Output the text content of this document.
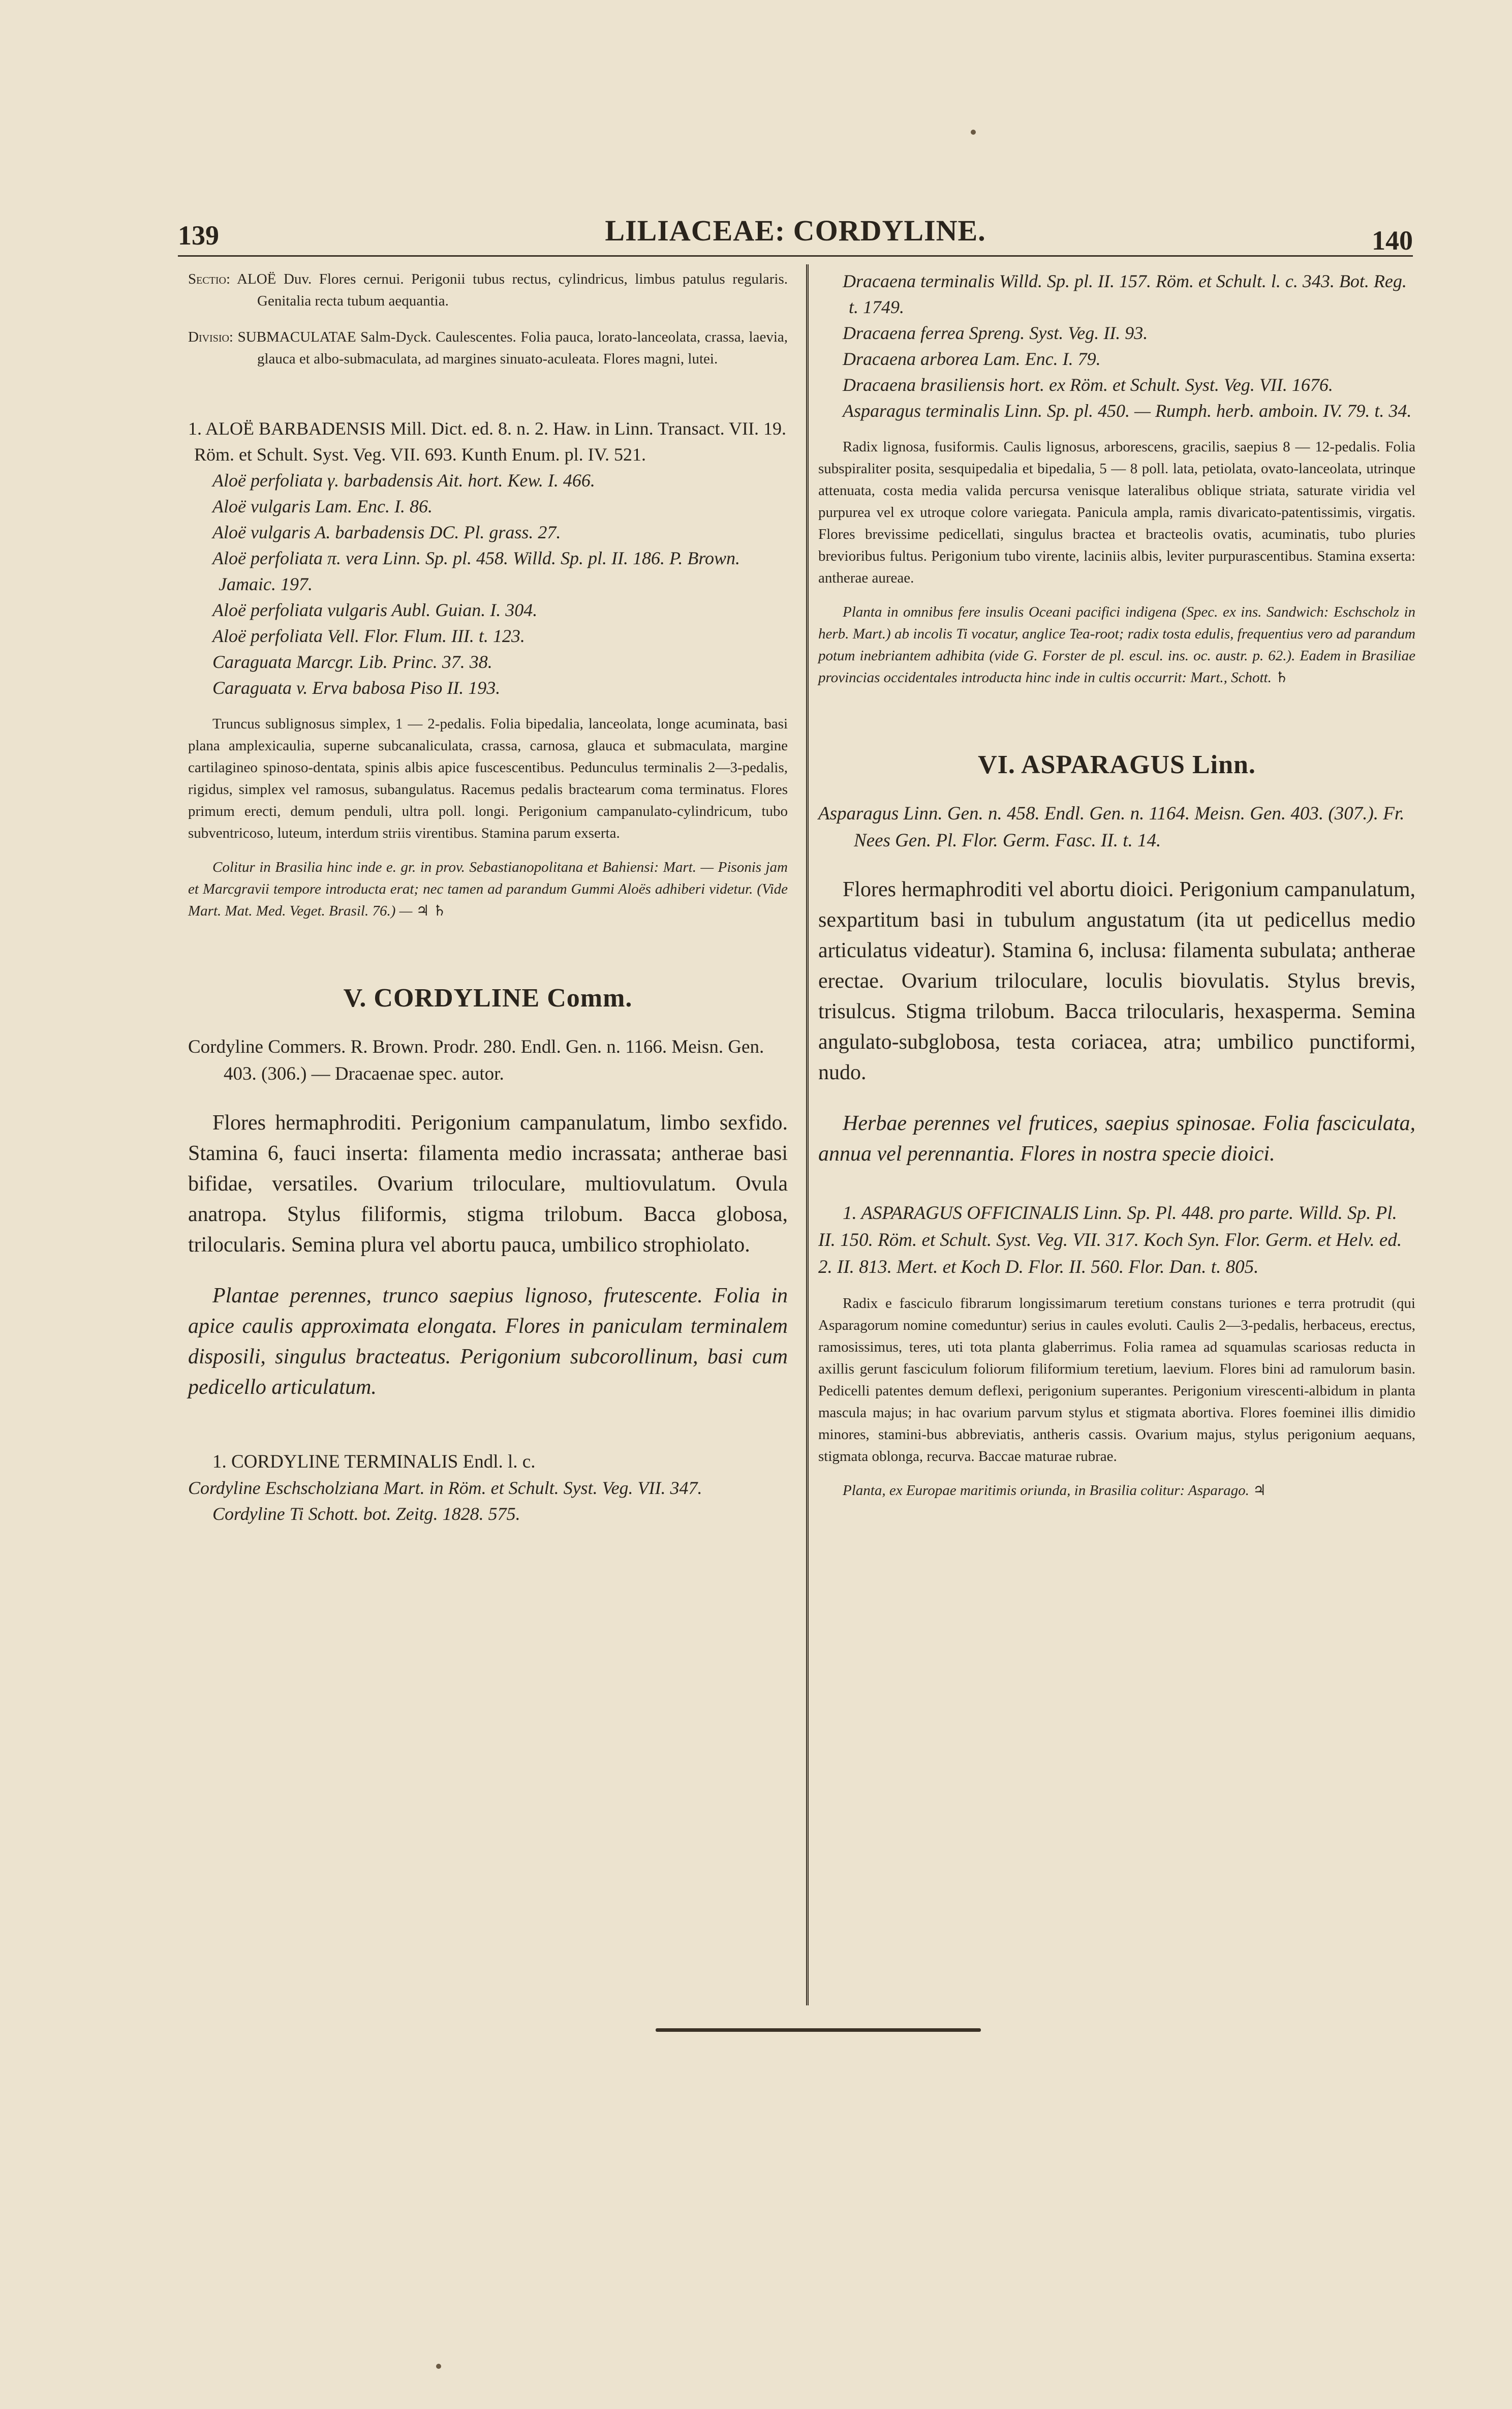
139	LILIACEAE: CORDYLINE.	140

Sectio: ALOË Duv. Flores cernui. Perigonii tubus rectus, cylindricus, limbus patulus regularis. Genitalia recta tubum aequantia.

Divisio: SUBMACULATAE Salm-Dyck. Caulescentes. Folia pauca, lorato-lanceolata, crassa, laevia, glauca et albo-submaculata, ad margines sinuato-aculeata. Flores magni, lutei.

1. ALOË BARBADENSIS Mill. Dict. ed. 8. n. 2. Haw. in Linn. Transact. VII. 19. Röm. et Schult. Syst. Veg. VII. 693. Kunth Enum. pl. IV. 521.

Aloë perfoliata γ. barbadensis Ait. hort. Kew. I. 466.

Aloë vulgaris Lam. Enc. I. 86.

Aloë vulgaris A. barbadensis DC. Pl. grass. 27.

Aloë perfoliata π. vera Linn. Sp. pl. 458. Willd. Sp. pl. II. 186. P. Brown. Jamaic. 197.

Aloë perfoliata vulgaris Aubl. Guian. I. 304.

Aloë perfoliata Vell. Flor. Flum. III. t. 123.

Caraguata Marcgr. Lib. Princ. 37. 38.

Caraguata v. Erva babosa Piso II. 193.

Truncus sublignosus simplex, 1 — 2-pedalis. Folia bipedalia, lanceolata, longe acuminata, basi plana amplexicaulia, superne subcanaliculata, crassa, carnosa, glauca et submaculata, margine cartilagineo spinoso-dentata, spinis albis apice fuscescentibus. Pedunculus terminalis 2—3-pedalis, rigidus, simplex vel ramosus, subangulatus. Racemus pedalis bractearum coma terminatus. Flores primum erecti, demum penduli, ultra poll. longi. Perigonium campanulato-cylindricum, tubo subventricoso, luteum, interdum striis virentibus. Stamina parum exserta.

Colitur in Brasilia hinc inde e. gr. in prov. Sebastianopolitana et Bahiensi: Mart. — Pisonis jam et Marcgravii tempore introducta erat; nec tamen ad parandum Gummi Aloës adhiberi videtur. (Vide Mart. Mat. Med. Veget. Brasil. 76.) — ♃ ♄

V. CORDYLINE Comm.

Cordyline Commers. R. Brown. Prodr. 280. Endl. Gen. n. 1166. Meisn. Gen. 403. (306.) — Dracaenae spec. autor.

Flores hermaphroditi. Perigonium campanulatum, limbo sexfido. Stamina 6, fauci inserta: filamenta medio incrassata; antherae basi bifidae, versatiles. Ovarium triloculare, multiovulatum. Ovula anatropa. Stylus filiformis, stigma trilobum. Bacca globosa, trilocularis. Semina plura vel abortu pauca, umbilico strophiolato.

Plantae perennes, trunco saepius lignoso, frutescente. Folia in apice caulis approximata elongata. Flores in paniculam terminalem disposili, singulus bracteatus. Perigonium subcorollinum, basi cum pedicello articulatum.

1. CORDYLINE TERMINALIS Endl. l. c.

Cordyline Eschscholziana Mart. in Röm. et Schult. Syst. Veg. VII. 347.

Cordyline Ti Schott. bot. Zeitg. 1828. 575.

Dracaena terminalis Willd. Sp. pl. II. 157. Röm. et Schult. l. c. 343. Bot. Reg. t. 1749.

Dracaena ferrea Spreng. Syst. Veg. II. 93.

Dracaena arborea Lam. Enc. I. 79.

Dracaena brasiliensis hort. ex Röm. et Schult. Syst. Veg. VII. 1676.

Asparagus terminalis Linn. Sp. pl. 450. — Rumph. herb. amboin. IV. 79. t. 34.

Radix lignosa, fusiformis. Caulis lignosus, arborescens, gracilis, saepius 8 — 12-pedalis. Folia subspiraliter posita, sesquipedalia et bipedalia, 5 — 8 poll. lata, petiolata, ovato-lanceolata, utrinque attenuata, costa media valida percursa venisque lateralibus oblique striata, saturate viridia vel purpurea vel ex utroque colore variegata. Panicula ampla, ramis divaricato-patentissimis, virgatis. Flores brevissime pedicellati, singulus bractea et bracteolis ovatis, acuminatis, tubo pluries brevioribus fultus. Perigonium tubo virente, laciniis albis, leviter purpurascentibus. Stamina exserta: antherae aureae.

Planta in omnibus fere insulis Oceani pacifici indigena (Spec. ex ins. Sandwich: Eschscholz in herb. Mart.) ab incolis Ti vocatur, anglice Tea-root; radix tosta edulis, frequentius vero ad parandum potum inebriantem adhibita (vide G. Forster de pl. escul. ins. oc. austr. p. 62.). Eadem in Brasiliae provincias occidentales introducta hinc inde in cultis occurrit: Mart., Schott. ♄

VI. ASPARAGUS Linn.

Asparagus Linn. Gen. n. 458. Endl. Gen. n. 1164. Meisn. Gen. 403. (307.). Fr. Nees Gen. Pl. Flor. Germ. Fasc. II. t. 14.

Flores hermaphroditi vel abortu dioici. Perigonium campanulatum, sexpartitum basi in tubulum angustatum (ita ut pedicellus medio articulatus videatur). Stamina 6, inclusa: filamenta subulata; antherae erectae. Ovarium triloculare, loculis biovulatis. Stylus brevis, trisulcus. Stigma trilobum. Bacca trilocularis, hexasperma. Semina angulato-subglobosa, testa coriacea, atra; umbilico punctiformi, nudo.

Herbae perennes vel frutices, saepius spinosae. Folia fasciculata, annua vel perennantia. Flores in nostra specie dioici.

1. ASPARAGUS OFFICINALIS Linn. Sp. Pl. 448. pro parte. Willd. Sp. Pl. II. 150. Röm. et Schult. Syst. Veg. VII. 317. Koch Syn. Flor. Germ. et Helv. ed. 2. II. 813. Mert. et Koch D. Flor. II. 560. Flor. Dan. t. 805.

Radix e fasciculo fibrarum longissimarum teretium constans turiones e terra protrudit (qui Asparagorum nomine comeduntur) serius in caules evoluti. Caulis 2—3-pedalis, herbaceus, erectus, ramosissimus, teres, uti tota planta glaberrimus. Folia ramea ad squamulas scariosas reducta in axillis gerunt fasciculum foliorum filiformium teretium, laevium. Flores bini ad ramulorum basin. Pedicelli patentes demum deflexi, perigonium superantes. Perigonium virescenti-albidum in planta mascula majus; in hac ovarium parvum stylus et stigmata abortiva. Flores foeminei illis dimidio minores, stamini-bus abbreviatis, antheris cassis. Ovarium majus, stylus perigonium aequans, stigmata oblonga, recurva. Baccae maturae rubrae.

Planta, ex Europae maritimis oriunda, in Brasilia colitur: Asparago. ♃
